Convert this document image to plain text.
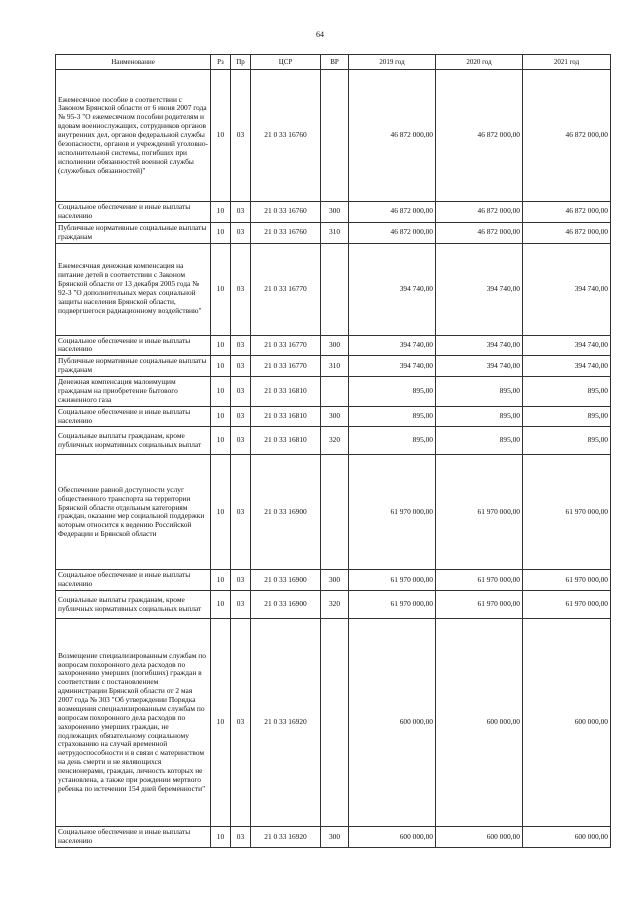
64
Наименование	Рз	Пр	ЦСР	ВР	2019 год	2020 год	2021 год
Ежемесячное пособие в соответствии с Законом Брянской области от 6 июня 2007 года № 95-3 "О ежемесячном пособии родителям и вдовам военнослужащих, сотрудников органов внутренних дел, органов федеральной службы безопасности, органов и учреждений уголовно-исполнительной системы, погибших при исполнении обязанностей военной службы (служебных обязанностей)"	10	03	21 0 33 16760		46 872 000,00	46 872 000,00	46 872 000,00
Социальное обеспечение и иные выплаты населению	10	03	21 0 33 16760	300	46 872 000,00	46 872 000,00	46 872 000,00
Публичные нормативные социальные выплаты гражданам	10	03	21 0 33 16760	310	46 872 000,00	46 872 000,00	46 872 000,00
Ежемесячная денежная компенсация на питание детей в соответствии с Законом Брянской области от 13 декабря 2005 года № 92-3 "О дополнительных мерах социальной защиты населения Брянской области, подвергшегося радиационному воздействию"	10	03	21 0 33 16770		394 740,00	394 740,00	394 740,00
Социальное обеспечение и иные выплаты населению	10	03	21 0 33 16770	300	394 740,00	394 740,00	394 740,00
Публичные нормативные социальные выплаты гражданам	10	03	21 0 33 16770	310	394 740,00	394 740,00	394 740,00
Денежная компенсация малоимущим гражданам на приобретение бытового сжиженного газа	10	03	21 0 33 16810		895,00	895,00	895,00
Социальное обеспечение и иные выплаты населению	10	03	21 0 33 16810	300	895,00	895,00	895,00
Социальные выплаты гражданам, кроме публичных нормативных социальных выплат	10	03	21 0 33 16810	320	895,00	895,00	895,00
Обеспечение равной доступности услуг общественного транспорта на территории Брянской области отдельным категориям граждан, оказание мер социальной поддержки которым относится к ведению Российской Федерации и Брянской области	10	03	21 0 33 16900		61 970 000,00	61 970 000,00	61 970 000,00
Социальное обеспечение и иные выплаты населению	10	03	21 0 33 16900	300	61 970 000,00	61 970 000,00	61 970 000,00
Социальные выплаты гражданам, кроме публичных нормативных социальных выплат	10	03	21 0 33 16900	320	61 970 000,00	61 970 000,00	61 970 000,00
Возмещение специализированным службам по вопросам похоронного дела расходов по захоронению умерших (погибших) граждан в соответствии с постановлением администрации Брянской области от 2 мая 2007 года № 303 "Об утверждении Порядка возмещения специализированным службам по вопросам похоронного дела расходов по захоронению умерших граждан, не подлежащих обязательному социальному страхованию на случай временной нетрудоспособности и в связи с материнством на день смерти и не являющихся пенсионерами, граждан, личность которых не установлена, а также при рождении мертвого ребенка по истечении 154 дней беременности"	10	03	21 0 33 16920		600 000,00	600 000,00	600 000,00
Социальное обеспечение и иные выплаты населению	10	03	21 0 33 16920	300	600 000,00	600 000,00	600 000,00
